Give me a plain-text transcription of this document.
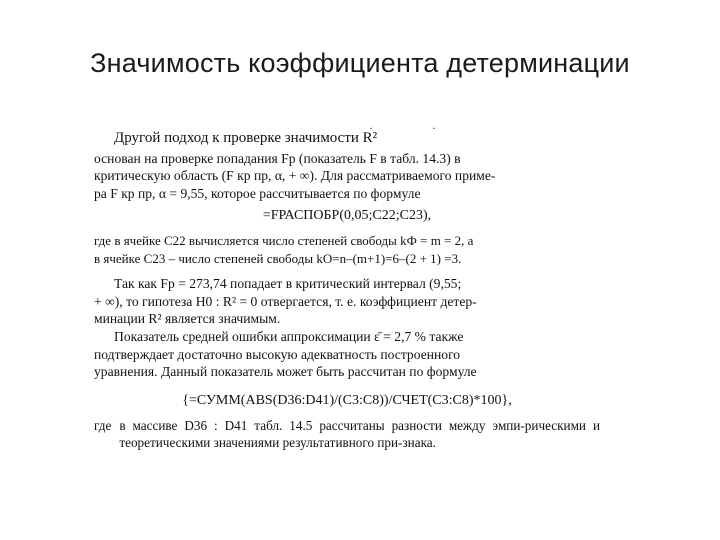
Значимость коэффициента детерминации
· ·

Другой подход к проверке значимости R²

основан на проверке попадания Fр (показатель F в табл. 14.3) в

критическую область (F кр пр, α, + ∞). Для рассматриваемого приме-

ра F кр пр, α = 9,55, которое рассчитывается по формуле

=FРАСПОБР(0,05;C22;C23),

где в ячейке C22 вычисляется число степеней свободы kФ = m = 2, а

в ячейке C23 – число степеней свободы kО=n–(m+1)=6–(2 + 1) =3.

Так как Fр = 273,74 попадает в критический интервал (9,55;

+ ∞), то гипотеза H0 : R² = 0 отвергается, т. е. коэффициент детер-

минации R² является значимым.

Показатель средней ошибки аппроксимации ε̄ = 2,7 % также

подтверждает достаточно высокую адекватность построенного

уравнения. Данный показатель может быть рассчитан по формуле

{=СУММ(ABS(D36:D41)/(C3:C8))/СЧЕТ(C3:C8)*100},
где в массиве D36 : D41 табл. 14.5 рассчитаны разности между эмпи-рическими и теоретическими значениями результативного при-знака.
